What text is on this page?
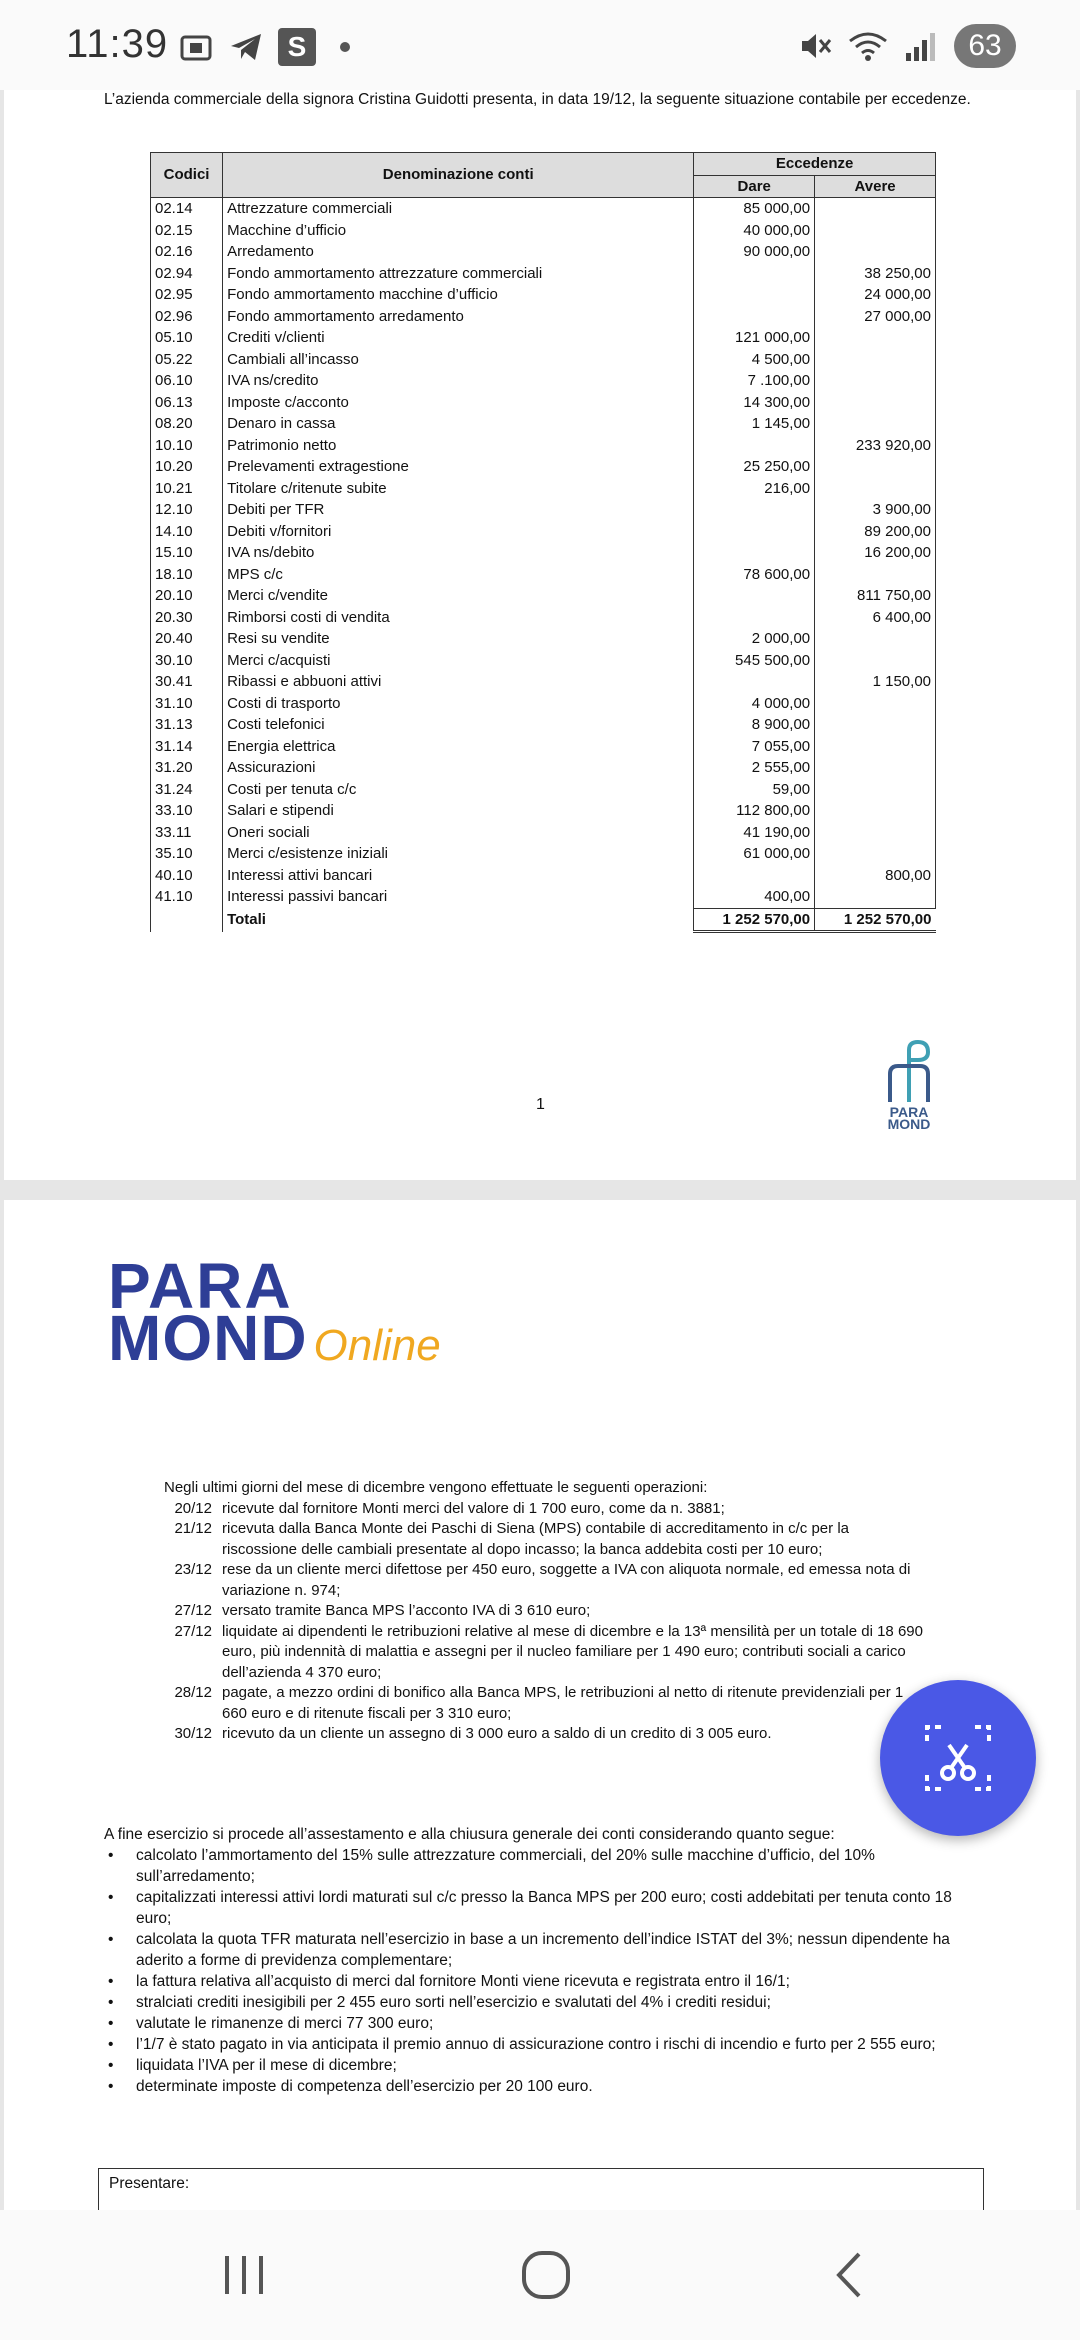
11:39	S	63
L’azienda commerciale della signora Cristina Guidotti presenta, in data 19/12, la seguente situazione contabile per eccedenze.
Codici	Denominazione conti	Eccedenze	
		Dare	Avere
02.14	Attrezzature commerciali	85 000,00	
02.15	Macchine d’ufficio	40 000,00	
02.16	Arredamento	90 000,00	
02.94	Fondo ammortamento attrezzature commerciali		38 250,00
02.95	Fondo ammortamento macchine d’ufficio		24 000,00
02.96	Fondo ammortamento arredamento		27 000,00
05.10	Crediti v/clienti	121 000,00	
05.22	Cambiali all’incasso	4 500,00	
06.10	IVA ns/credito	7 .100,00	
06.13	Imposte c/acconto	14 300,00	
08.20	Denaro in cassa	1 145,00	
10.10	Patrimonio netto		233 920,00
10.20	Prelevamenti extragestione	25 250,00	
10.21	Titolare c/ritenute subite	216,00	
12.10	Debiti per TFR		3 900,00
14.10	Debiti v/fornitori		89 200,00
15.10	IVA ns/debito		16 200,00
18.10	MPS c/c	78 600,00	
20.10	Merci c/vendite		811 750,00
20.30	Rimborsi costi di vendita		6 400,00
20.40	Resi su vendite	2 000,00	
30.10	Merci c/acquisti	545 500,00	
30.41	Ribassi e abbuoni attivi		1 150,00
31.10	Costi di trasporto	4 000,00	
31.13	Costi telefonici	8 900,00	
31.14	Energia elettrica	7 055,00	
31.20	Assicurazioni	2 555,00	
31.24	Costi per tenuta c/c	59,00	
33.10	Salari e stipendi	112 800,00	
33.11	Oneri sociali	41 190,00	
35.10	Merci c/esistenze iniziali	61 000,00	
40.10	Interessi attivi bancari		800,00
41.10	Interessi passivi bancari	400,00	
	Totali	1 252 570,00	1 252 570,00
1	PARA MOND
PARA
MOND Online
Negli ultimi giorni del mese di dicembre vengono effettuate le seguenti operazioni:
20/12 ricevute dal fornitore Monti merci del valore di 1 700 euro, come da n. 3881;
21/12 ricevuta dalla Banca Monte dei Paschi di Siena (MPS) contabile di accreditamento in c/c per la riscossione delle cambiali presentate al dopo incasso; la banca addebita costi per 10 euro;
23/12 rese da un cliente merci difettose per 450 euro, soggette a IVA con aliquota normale, ed emessa nota di variazione n. 974;
27/12 versato tramite Banca MPS l’acconto IVA di 3 610 euro;
27/12 liquidate ai dipendenti le retribuzioni relative al mese di dicembre e la 13ª mensilità per un totale di 18 690 euro, più indennità di malattia e assegni per il nucleo familiare per 1 490 euro; contributi sociali a carico dell’azienda 4 370 euro;
28/12 pagate, a mezzo ordini di bonifico alla Banca MPS, le retribuzioni al netto di ritenute previdenziali per 1 660 euro e di ritenute fiscali per 3 310 euro;
30/12 ricevuto da un cliente un assegno di 3 000 euro a saldo di un credito di 3 005 euro.
A fine esercizio si procede all’assestamento e alla chiusura generale dei conti considerando quanto segue:
• calcolato l’ammortamento del 15% sulle attrezzature commerciali, del 20% sulle macchine d’ufficio, del 10% sull’arredamento;
• capitalizzati interessi attivi lordi maturati sul c/c presso la Banca MPS per 200 euro; costi addebitati per tenuta conto 18 euro;
• calcolata la quota TFR maturata nell’esercizio in base a un incremento dell’indice ISTAT del 3%; nessun dipendente ha aderito a forme di previdenza complementare;
• la fattura relativa all’acquisto di merci dal fornitore Monti viene ricevuta e registrata entro il 16/1;
• stralciati crediti inesigibili per 2 455 euro sorti nell’esercizio e svalutati del 4% i crediti residui;
• valutate le rimanenze di merci 77 300 euro;
• l’1/7 è stato pagato in via anticipata il premio annuo di assicurazione contro i rischi di incendio e furto per 2 555 euro;
• liquidata l’IVA per il mese di dicembre;
• determinate imposte di competenza dell’esercizio per 20 100 euro.
Presentare:
